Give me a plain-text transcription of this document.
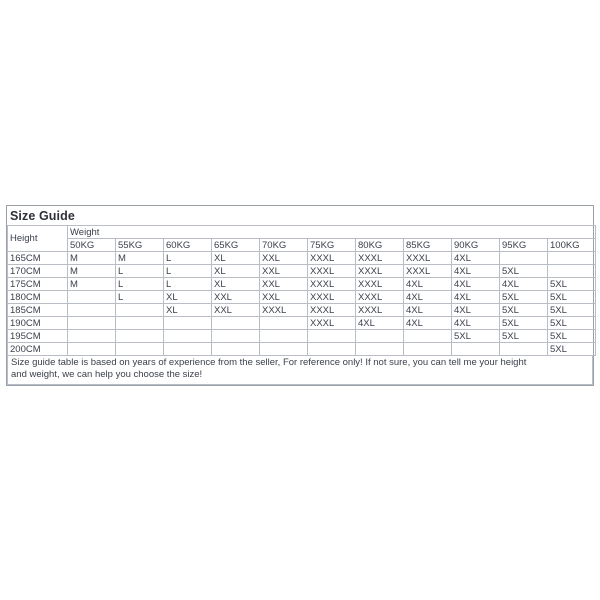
Size Guide
Height	Weight										
	50KG	55KG	60KG	65KG	70KG	75KG	80KG	85KG	90KG	95KG	100KG
165CM	M	M	L	XL	XXL	XXXL	XXXL	XXXL	4XL		
170CM	M	L	L	XL	XXL	XXXL	XXXL	XXXL	4XL	5XL	
175CM	M	L	L	XL	XXL	XXXL	XXXL	4XL	4XL	4XL	5XL
180CM		L	XL	XXL	XXL	XXXL	XXXL	4XL	4XL	5XL	5XL
185CM			XL	XXL	XXXL	XXXL	XXXL	4XL	4XL	5XL	5XL
190CM						XXXL	4XL	4XL	4XL	5XL	5XL
195CM									5XL	5XL	5XL
200CM											5XL
Size guide table is based on years of experience from the seller, For reference only! If not sure, you can tell me your height
and weight, we can help you choose the size!
